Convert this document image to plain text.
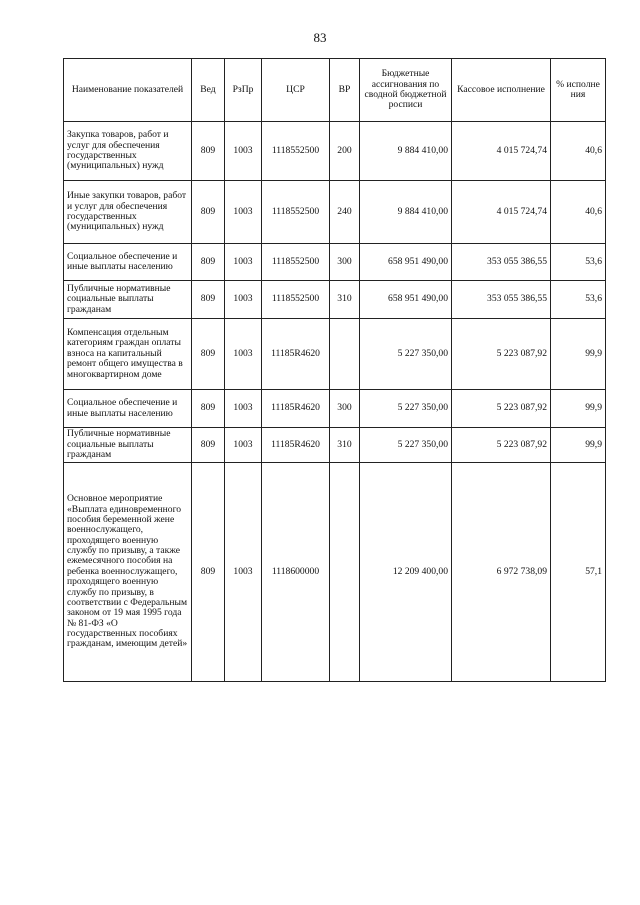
83
Наименование показателей	Вед	РзПр	ЦСР	ВР	Бюджетные ассигнования по сводной бюджетной росписи	Кассовое исполнение	% исполне ния
Закупка товаров, работ и услуг для обеспечения государственных (муниципальных) нужд	809	1003	1118552500	200	9 884 410,00	4 015 724,74	40,6
Иные закупки товаров, работ и услуг для обеспечения государственных (муниципальных) нужд	809	1003	1118552500	240	9 884 410,00	4 015 724,74	40,6
Социальное обеспечение и иные выплаты населению	809	1003	1118552500	300	658 951 490,00	353 055 386,55	53,6
Публичные нормативные социальные выплаты гражданам	809	1003	1118552500	310	658 951 490,00	353 055 386,55	53,6
Компенсация отдельным категориям граждан оплаты взноса на капитальный ремонт общего имущества в многоквартирном доме	809	1003	11185R4620		5 227 350,00	5 223 087,92	99,9
Социальное обеспечение и иные выплаты населению	809	1003	11185R4620	300	5 227 350,00	5 223 087,92	99,9
Публичные нормативные социальные выплаты гражданам	809	1003	11185R4620	310	5 227 350,00	5 223 087,92	99,9
Основное мероприятие «Выплата единовременного пособия беременной жене военнослужащего, проходящего военную службу по призыву, а также ежемесячного пособия на ребенка военнослужащего, проходящего военную службу по призыву, в соответствии с Федеральным законом от 19 мая 1995 года № 81-ФЗ «О государственных пособиях гражданам, имеющим детей»	809	1003	1118600000		12 209 400,00	6 972 738,09	57,1
